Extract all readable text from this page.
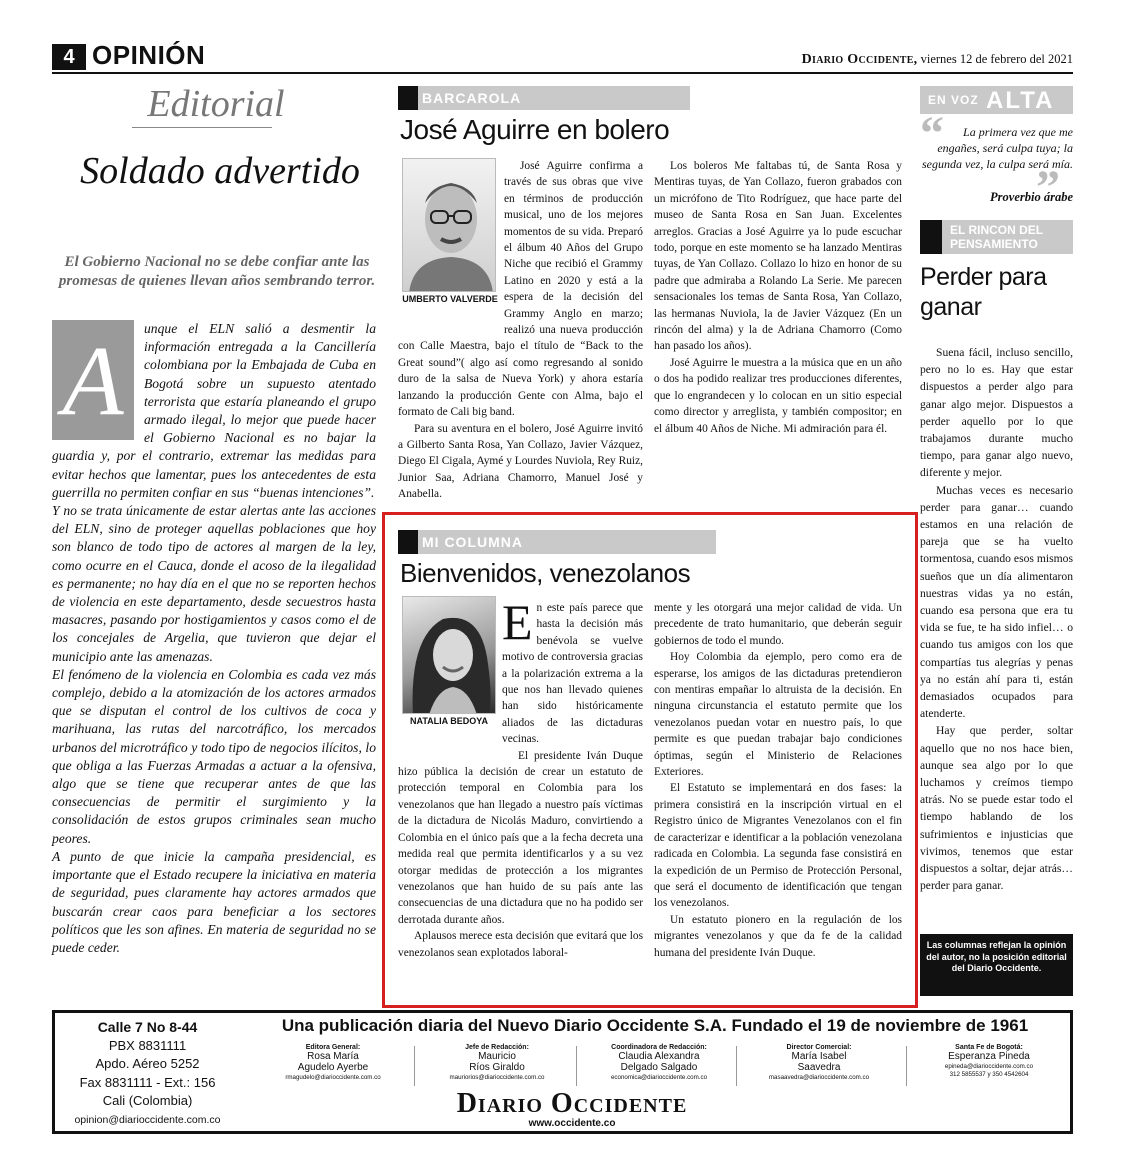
4 OPINIÓN	Diario Occidente, viernes 12 de febrero del 2021
Editorial
Soldado advertido
El Gobierno Nacional no se debe confiar ante las promesas de quienes llevan años sembrando terror.

unque el ELN salió a desmentir la información entregada a la Cancillería colombiana por la Embajada de Cuba en Bogotá sobre un supuesto atentado terrorista que estaría planeando el grupo armado ilegal, lo mejor que puede hacer el Gobierno Nacional es no bajar la guardia y, por el contrario, extremar las medidas para evitar hechos que lamentar, pues los antecedentes de esta guerrilla no permiten confiar en sus “buenas intenciones”.

Y no se trata únicamente de estar alertas ante las acciones del ELN, sino de proteger aquellas poblaciones que hoy son blanco de todo tipo de actores al margen de la ley, como ocurre en el Cauca, donde el acoso de la ilegalidad es permanente; no hay día en el que no se reporten hechos de violencia en este departamento, desde secuestros hasta masacres, pasando por hostigamientos y casos como el de los concejales de Argelia, que tuvieron que dejar el municipio ante las amenazas.

El fenómeno de la violencia en Colombia es cada vez más complejo, debido a la atomización de los actores armados que se disputan el control de los cultivos de coca y marihuana, las rutas del narcotráfico, los mercados urbanos del microtráfico y todo tipo de negocios ilícitos, lo que obliga a las Fuerzas Armadas a actuar a la ofensiva, algo que se tiene que recuperar antes de que las consecuencias de permitir el surgimiento y la consolidación de estos grupos criminales sean mucho peores.

A punto de que inicie la campaña presidencial, es importante que el Estado recupere la iniciativa en materia de seguridad, pues claramente hay actores armados que buscarán crear caos para beneficiar a los sectores políticos que les son afines. En materia de seguridad no se puede ceder.

A
BARCAROLA
José Aguirre en bolero

José Aguirre confirma a través de sus obras que vive en términos de producción musical, uno de los mejores momentos de su vida. Preparó el álbum 40 Años del Grupo Niche que recibió el Grammy Latino en 2020 y está a la espera de la decisión del Grammy Anglo en marzo; realizó una nueva producción con Calle Maestra, bajo el título de “Back to the Great sound”( algo así como regresando al sonido duro de la salsa de Nueva York) y ahora estaría lanzando la producción Gente con Alma, bajo el formato de Cali big band.

Para su aventura en el bolero, José Aguirre invitó a Gilberto Santa Rosa, Yan Collazo, Javier Vázquez, Diego El Cigala, Aymé y Lourdes Nuviola, Rey Ruiz, Junior Saa, Adriana Chamorro, Manuel José y Anabella.

Los boleros Me faltabas tú, de Santa Rosa y Mentiras tuyas, de Yan Collazo, fueron grabados con un micrófono de Tito Rodríguez, que hace parte del museo de Santa Rosa en San Juan. Excelentes arreglos. Gracias a José Aguirre ya lo pude escuchar todo, porque en este momento se ha lanzado Mentiras tuyas, de Yan Collazo. Collazo lo hizo en honor de su padre que admiraba a Rolando La Serie. Me parecen sensacionales los temas de Santa Rosa, Yan Collazo, las hermanas Nuviola, la de Javier Vázquez (En un rincón del alma) y la de Adriana Chamorro (Como han pasado los años).

José Aguirre le muestra a la música que en un año o dos ha podido realizar tres producciones diferentes, que lo engrandecen y lo colocan en un sitio especial como director y arreglista, y también compositor; en el álbum 40 Años de Niche. Mi admiración para él.

UMBERTO VALVERDE
MI COLUMNA
Bienvenidos, venezolanos

En este país parece que hasta la decisión más benévola se vuelve motivo de controversia gracias a la polarización extrema a la que nos han llevado quienes han sido históricamente aliados de las dictaduras vecinas.

El presidente Iván Duque hizo pública la decisión de crear un estatuto de protección temporal en Colombia para los venezolanos que han llegado a nuestro país víctimas de la dictadura de Nicolás Maduro, convirtiendo a Colombia en el único país que a la fecha decreta una medida real que permita identificarlos y a su vez otorgar medidas de protección a los migrantes venezolanos que han huido de su país ante las consecuencias de una dictadura que no ha podido ser derrotada durante años.

Aplausos merece esta decisión que evitará que los venezolanos sean explotados laboral-

mente y les otorgará una mejor calidad de vida. Un precedente de trato humanitario, que deberán seguir gobiernos de todo el mundo.

Hoy Colombia da ejemplo, pero como era de esperarse, los amigos de las dictaduras pretendieron con mentiras empañar lo altruista de la decisión. En ninguna circunstancia el estatuto permite que los venezolanos puedan votar en nuestro país, lo que permite es que puedan trabajar bajo condiciones óptimas, según el Ministerio de Relaciones Exteriores.

El Estatuto se implementará en dos fases: la primera consistirá en la inscripción virtual en el Registro único de Migrantes Venezolanos con el fin de caracterizar e identificar a la población venezolana radicada en Colombia. La segunda fase consistirá en la expedición de un Permiso de Protección Personal, que será el documento de identificación que tengan los venezolanos.

Un estatuto pionero en la regulación de los migrantes venezolanos y que da fe de la calidad humana del presidente Iván Duque.

NATALIA BEDOYA
EN VOZ ALTA
“	La primera vez que me engañes, será culpa tuya; la segunda vez, la culpa será mía.
”
Proverbio árabe
EL RINCON DEL PENSAMIENTO
Perder para ganar

Suena fácil, incluso sencillo, pero no lo es. Hay que estar dispuestos a perder algo para ganar algo mejor. Dispuestos a perder aquello por lo que trabajamos durante mucho tiempo, para ganar algo nuevo, diferente y mejor.

Muchas veces es necesario perder para ganar… cuando estamos en una relación de pareja que se ha vuelto tormentosa, cuando esos mismos sueños que un día alimentaron nuestras vidas ya no están, cuando esa persona que era tu vida se fue, te ha sido infiel… o cuando tus amigos con los que compartías tus alegrías y penas ya no están ahí para ti, están demasiados ocupados para atenderte.

Hay que perder, soltar aquello que no nos hace bien, aunque sea algo por lo que luchamos y creímos tiempo atrás. No se puede estar todo el tiempo hablando de los sufrimientos e injusticias que vivimos, tenemos que estar dispuestos a soltar, dejar atrás… perder para ganar.

Las columnas reflejan la opinión del autor, no la posición editorial del Diario Occidente.
Calle 7 No 8-44
PBX 8831111
Apdo. Aéreo 5252
Fax 8831111 - Ext.: 156
Cali (Colombia)
opinion@diarioccidente.com.co
Una publicación diaria del Nuevo Diario Occidente S.A. Fundado el 19 de noviembre de 1961
Editora General:
Rosa María
Agudelo Ayerbe
rmagudelo@diarioccidente.com.co
Jefe de Redacción:
Mauricio
Ríos Giraldo
mauriorios@diarioccidente.com.co
Coordinadora de Redacción:
Claudia Alexandra
Delgado Salgado
economica@diarioccidente.com.co
Director Comercial:
María Isabel
Saavedra
masaavedra@diarioccidente.com.co
Santa Fe de Bogotá:
Esperanza Pineda
epineda@diarioccidente.com.co
312 5855537 y 350 4542604
Diario Occidente
www.occidente.co
